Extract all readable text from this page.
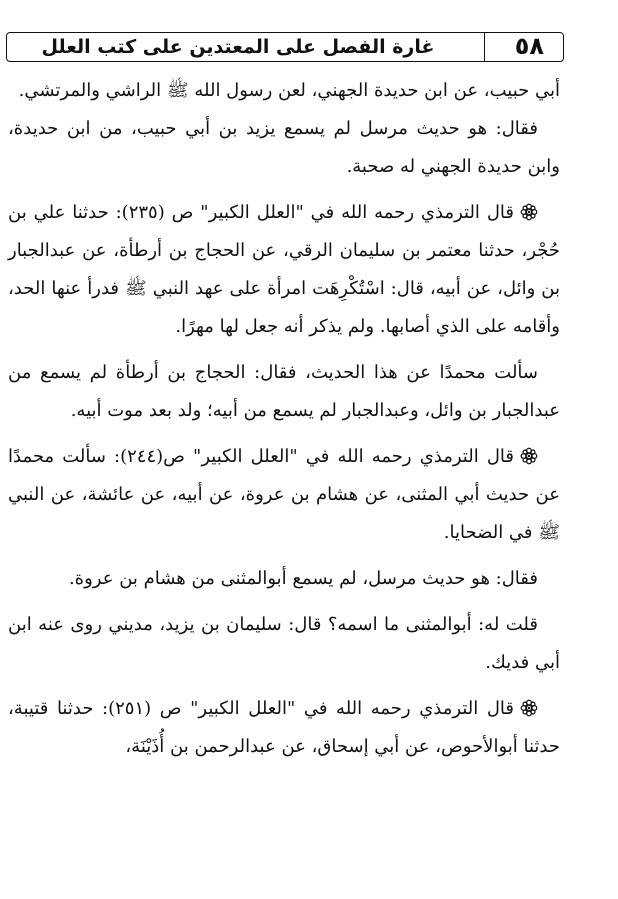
غارة الفصل على المعتدين على كتب العلل	٥٨

أبي حبيب، عن ابن حديدة الجهني، لعن رسول الله ﷺ الراشي والمرتشي.

فقال: هو حديث مرسل لم يسمع يزيد بن أبي حبيب، من ابن حديدة، وابن حديدة الجهني له صحبة.

قال الترمذي رحمه الله في "العلل الكبير" ص (٢٣٥): حدثنا علي بن حُجْر، حدثنا معتمر بن سليمان الرقي، عن الحجاج بن أرطأة، عن عبدالجبار بن وائل، عن أبيه، قال: اسْتُكْرِهَت امرأة على عهد النبي ﷺ فدرأ عنها الحد، وأقامه على الذي أصابها. ولم يذكر أنه جعل لها مهرًا.

سألت محمدًا عن هذا الحديث، فقال: الحجاج بن أرطأة لم يسمع من عبدالجبار بن وائل، وعبدالجبار لم يسمع من أبيه؛ ولد بعد موت أبيه.

قال الترمذي رحمه الله في "العلل الكبير" ص(٢٤٤): سألت محمدًا عن حديث أبي المثنى، عن هشام بن عروة، عن أبيه، عن عائشة، عن النبي ﷺ في الضحايا.

فقال: هو حديث مرسل، لم يسمع أبوالمثنى من هشام بن عروة.

قلت له: أبوالمثنى ما اسمه؟ قال: سليمان بن يزيد، مديني روى عنه ابن أبي فديك.

قال الترمذي رحمه الله في "العلل الكبير" ص (٢٥١): حدثنا قتيبة، حدثنا أبوالأحوص، عن أبي إسحاق، عن عبدالرحمن بن أُذَيْنَة،
